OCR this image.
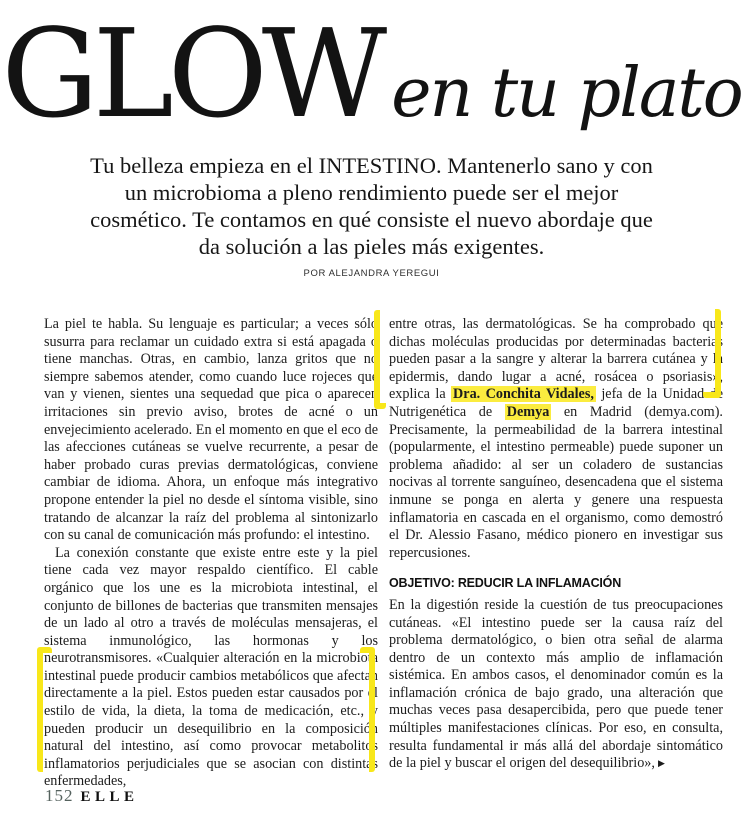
GLOW en tu plato
Tu belleza empieza en el INTESTINO. Mantenerlo sano y con un microbioma a pleno rendimiento puede ser el mejor cosmético. Te contamos en qué consiste el nuevo abordaje que da solución a las pieles más exigentes.
POR ALEJANDRA YEREGUI

La piel te habla. Su lenguaje es particular; a veces sólo susurra para reclamar un cuidado extra si está apagada o tiene manchas. Otras, en cambio, lanza gritos que no siempre sabemos atender, como cuando luce rojeces que van y vienen, sientes una sequedad que pica o aparecen irritaciones sin previo aviso, brotes de acné o un envejecimiento acelerado. En el momento en que el eco de las afecciones cutáneas se vuelve recurrente, a pesar de haber probado curas previas dermatológicas, conviene cambiar de idioma. Ahora, un enfoque más integrativo propone entender la piel no desde el síntoma visible, sino tratando de alcanzar la raíz del problema al sintonizarlo con su canal de comunicación más profundo: el intestino.

La conexión constante que existe entre este y la piel tiene cada vez mayor respaldo científico. El cable orgánico que los une es la microbiota intestinal, el conjunto de billones de bacterias que transmiten mensajes de un lado al otro a través de moléculas mensajeras, el sistema inmunológico, las hormonas y los neurotransmisores. «Cualquier alteración en la microbiota intestinal puede producir cambios metabólicos que afectan directamente a la piel. Estos pueden estar causados por el estilo de vida, la dieta, la toma de medicación, etc., y pueden producir un desequilibrio en la composición natural del intestino, así como provocar metabolitos inflamatorios perjudiciales que se asocian con distintas enfermedades,

entre otras, las dermatológicas. Se ha comprobado que dichas moléculas producidas por determinadas bacterias pueden pasar a la sangre y alterar la barrera cutánea y la epidermis, dando lugar a acné, rosácea o psoriasis», explica la Dra. Conchita Vidales, jefa de la Unidad de Nutrigenética de Demya en Madrid (demya.com). Precisamente, la permeabilidad de la barrera intestinal (popularmente, el intestino permeable) puede suponer un problema añadido: al ser un coladero de sustancias nocivas al torrente sanguíneo, desencadena que el sistema inmune se ponga en alerta y genere una respuesta inflamatoria en cascada en el organismo, como demostró el Dr. Alessio Fasano, médico pionero en investigar sus repercusiones.

OBJETIVO: REDUCIR LA INFLAMACIÓN

En la digestión reside la cuestión de tus preocupaciones cutáneas. «El intestino puede ser la causa raíz del problema dermatológico, o bien otra señal de alarma dentro de un contexto más amplio de inflamación sistémica. En ambos casos, el denominador común es la inflamación crónica de bajo grado, una alteración que muchas veces pasa desapercibida, pero que puede tener múltiples manifestaciones clínicas. Por eso, en consulta, resulta fundamental ir más allá del abordaje sintomático de la piel y buscar el origen del desequilibrio», ▶

152 ELLE
